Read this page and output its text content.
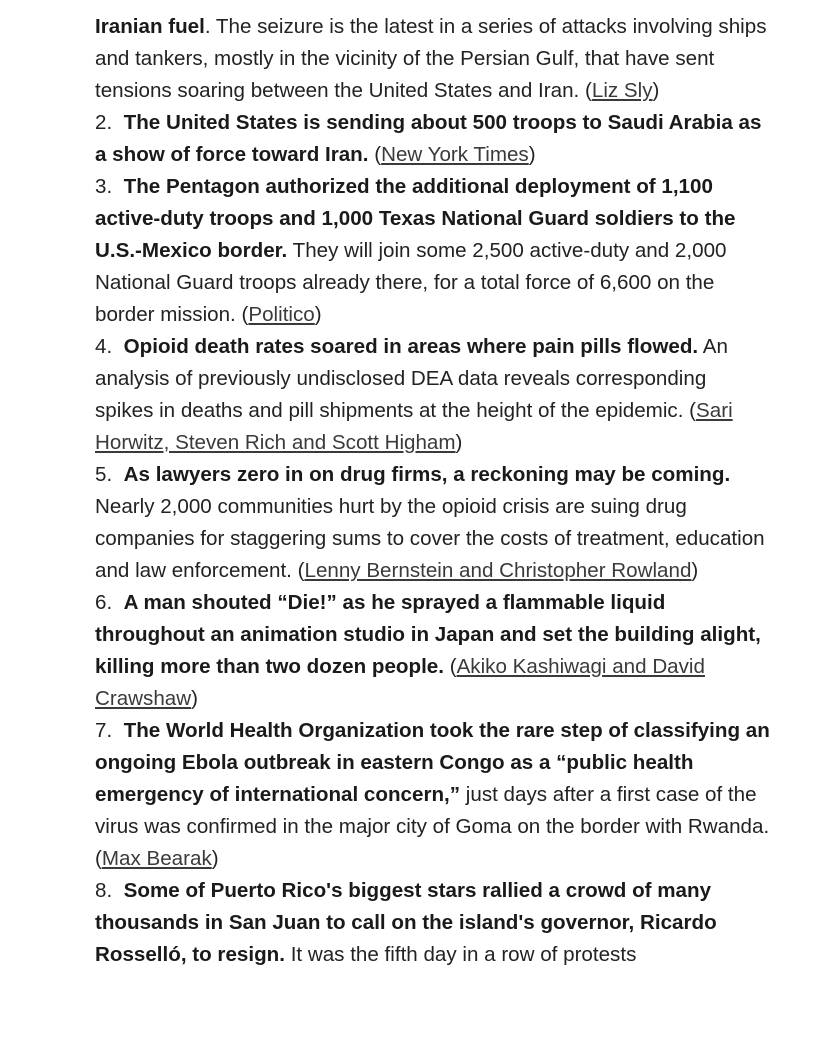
Iranian fuel. The seizure is the latest in a series of attacks involving ships and tankers, mostly in the vicinity of the Persian Gulf, that have sent tensions soaring between the United States and Iran. (Liz Sly)

2. The United States is sending about 500 troops to Saudi Arabia as a show of force toward Iran. (New York Times)

3. The Pentagon authorized the additional deployment of 1,100 active-duty troops and 1,000 Texas National Guard soldiers to the U.S.-Mexico border. They will join some 2,500 active-duty and 2,000 National Guard troops already there, for a total force of 6,600 on the border mission. (Politico)

4. Opioid death rates soared in areas where pain pills flowed. An analysis of previously undisclosed DEA data reveals corresponding spikes in deaths and pill shipments at the height of the epidemic. (Sari Horwitz, Steven Rich and Scott Higham)

5. As lawyers zero in on drug firms, a reckoning may be coming. Nearly 2,000 communities hurt by the opioid crisis are suing drug companies for staggering sums to cover the costs of treatment, education and law enforcement. (Lenny Bernstein and Christopher Rowland)

6. A man shouted “Die!” as he sprayed a flammable liquid throughout an animation studio in Japan and set the building alight, killing more than two dozen people. (Akiko Kashiwagi and David Crawshaw)

7. The World Health Organization took the rare step of classifying an ongoing Ebola outbreak in eastern Congo as a “public health emergency of international concern,” just days after a first case of the virus was confirmed in the major city of Goma on the border with Rwanda. (Max Bearak)

8. Some of Puerto Rico's biggest stars rallied a crowd of many thousands in San Juan to call on the island's governor, Ricardo Rosselló, to resign. It was the fifth day in a row of protests
